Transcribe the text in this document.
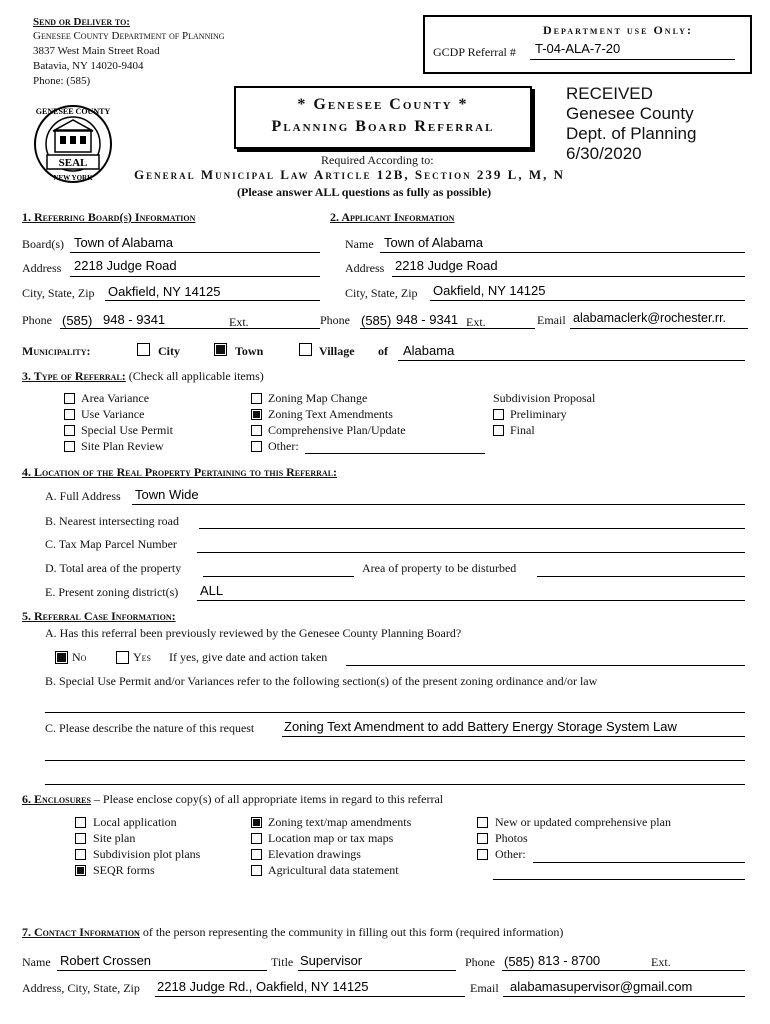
Send or Deliver to:
Genesee County Department of Planning
3837 West Main Street Road
Batavia, NY 14020-9404
Phone: (585)
Department use Only:
GCDP Referral # T-04-ALA-7-20
SEAL
GENESEE COUNTY
NEW YORK
* Genesee County *
Planning Board Referral
RECEIVED
Genesee County
Dept. of Planning
6/30/2020
Required According to:
General Municipal Law Article 12B, Section 239 L, M, N
(Please answer ALL questions as fully as possible)
1. Referring Board(s) Information	2. Applicant Information
Board(s) Town of Alabama	Name Town of Alabama
Address 2218 Judge Road	Address 2218 Judge Road
City, State, Zip Oakfield, NY 14125	City, State, Zip Oakfield, NY 14125
Phone (585) 948 - 9341	Ext.	Phone (585) 948 - 9341 Ext.	Email alabamaclerk@rochester.rr.
Municipality:	City	Town	Village of Alabama
3. Type of Referral: (Check all applicable items)
Area Variance
Use Variance
Special Use Permit
Site Plan Review
Zoning Map Change
Zoning Text Amendments
Comprehensive Plan/Update
Other:
Subdivision Proposal
Preliminary
Final
4. Location of the Real Property Pertaining to this Referral:
A. Full Address Town Wide
B. Nearest intersecting road
C. Tax Map Parcel Number
D. Total area of the property	Area of property to be disturbed
E. Present zoning district(s) ALL
5. Referral Case Information:
A. Has this referral been previously reviewed by the Genesee County Planning Board?
No	Yes If yes, give date and action taken
B. Special Use Permit and/or Variances refer to the following section(s) of the present zoning ordinance and/or law
C. Please describe the nature of this request Zoning Text Amendment to add Battery Energy Storage System Law
6. Enclosures – Please enclose copy(s) of all appropriate items in regard to this referral
Local application
Site plan
Subdivision plot plans
SEQR forms
Zoning text/map amendments
Location map or tax maps
Elevation drawings
Agricultural data statement
New or updated comprehensive plan
Photos
Other:
7. Contact Information of the person representing the community in filling out this form (required information)
Name Robert Crossen	Title Supervisor	Phone (585) 813 - 8700	Ext.
Address, City, State, Zip 2218 Judge Rd., Oakfield, NY 14125	Email alabamasupervisor@gmail.com
